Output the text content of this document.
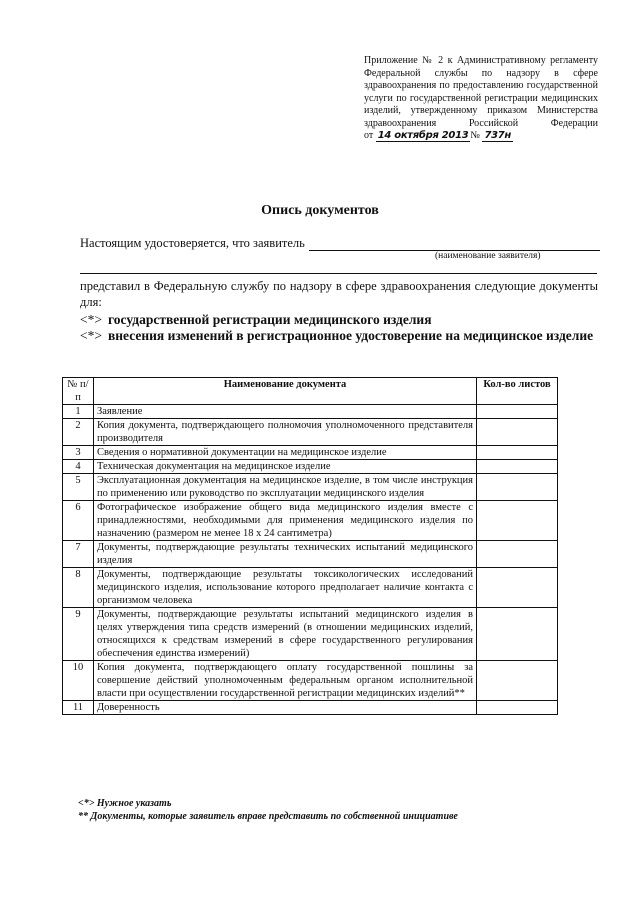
Приложение № 2 к Административному регламенту Федеральной службы по надзору в сфере здравоохранения по предоставлению государственной услуги по государственной регистрации медицинских изделий, утвержденному приказом Министерства здравоохранения Российской Федерации
от 14 октября 2013 № 737н
Опись документов
Настоящим удостоверяется, что заявитель
(наименование заявителя)
представил в Федеральную службу по надзору в сфере здравоохранения следующие документы для:
<*> государственной регистрации медицинского изделия
<*> внесения изменений в регистрационное удостоверение на медицинское изделие
№ п/п	Наименование документа	Кол-во листов
1	Заявление	
2	Копия документа, подтверждающего полномочия уполномоченного представителя производителя	
3	Сведения о нормативной документации на медицинское изделие	
4	Техническая документация на медицинское изделие	
5	Эксплуатационная документация на медицинское изделие, в том числе инструкция по применению или руководство по эксплуатации медицинского изделия	
6	Фотографическое изображение общего вида медицинского изделия вместе с принадлежностями, необходимыми для применения медицинского изделия по назначению (размером не менее 18 х 24 сантиметра)	
7	Документы, подтверждающие результаты технических испытаний медицинского изделия	
8	Документы, подтверждающие результаты токсикологических исследований медицинского изделия, использование которого предполагает наличие контакта с организмом человека	
9	Документы, подтверждающие результаты испытаний медицинского изделия в целях утверждения типа средств измерений (в отношении медицинских изделий, относящихся к средствам измерений в сфере государственного регулирования обеспечения единства измерений)	
10	Копия документа, подтверждающего оплату государственной пошлины за совершение действий уполномоченным федеральным органом исполнительной власти при осуществлении государственной регистрации медицинских изделий**	
11	Доверенность	
<*> Нужное указать
** Документы, которые заявитель вправе представить по собственной инициативе
